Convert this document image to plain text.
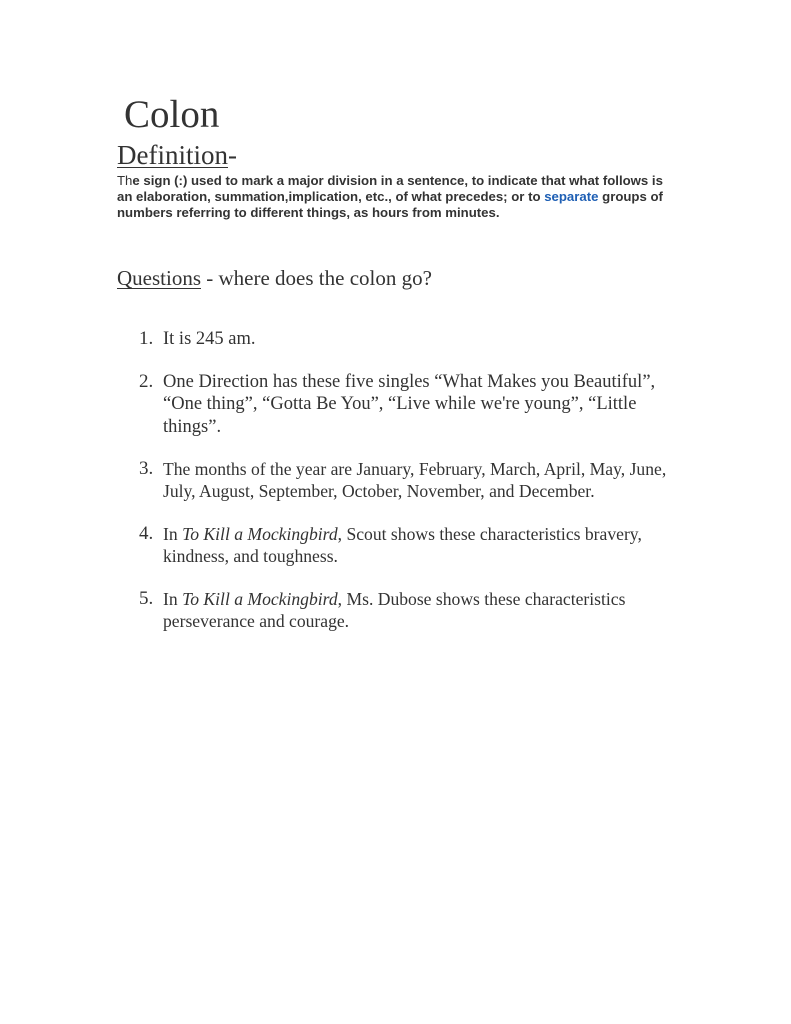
Colon
Definition-
The sign (:) used to mark a major division in a sentence, to indicate that what follows is an elaboration, summation,implication, etc., of what precedes; or to separate groups of numbers referring to different things, as hours from minutes.
Questions - where does the colon go?
1. It is 245 am.
2. One Direction has these five singles “What Makes you Beautiful”, “One thing”, “Gotta Be You”, “Live while we're young”, “Little things”.
3. The months of the year are January, February, March, April, May, June, July, August, September, October, November, and December.
4. In To Kill a Mockingbird, Scout shows these characteristics bravery, kindness, and toughness.
5. In To Kill a Mockingbird, Ms. Dubose shows these characteristics perseverance and courage.
